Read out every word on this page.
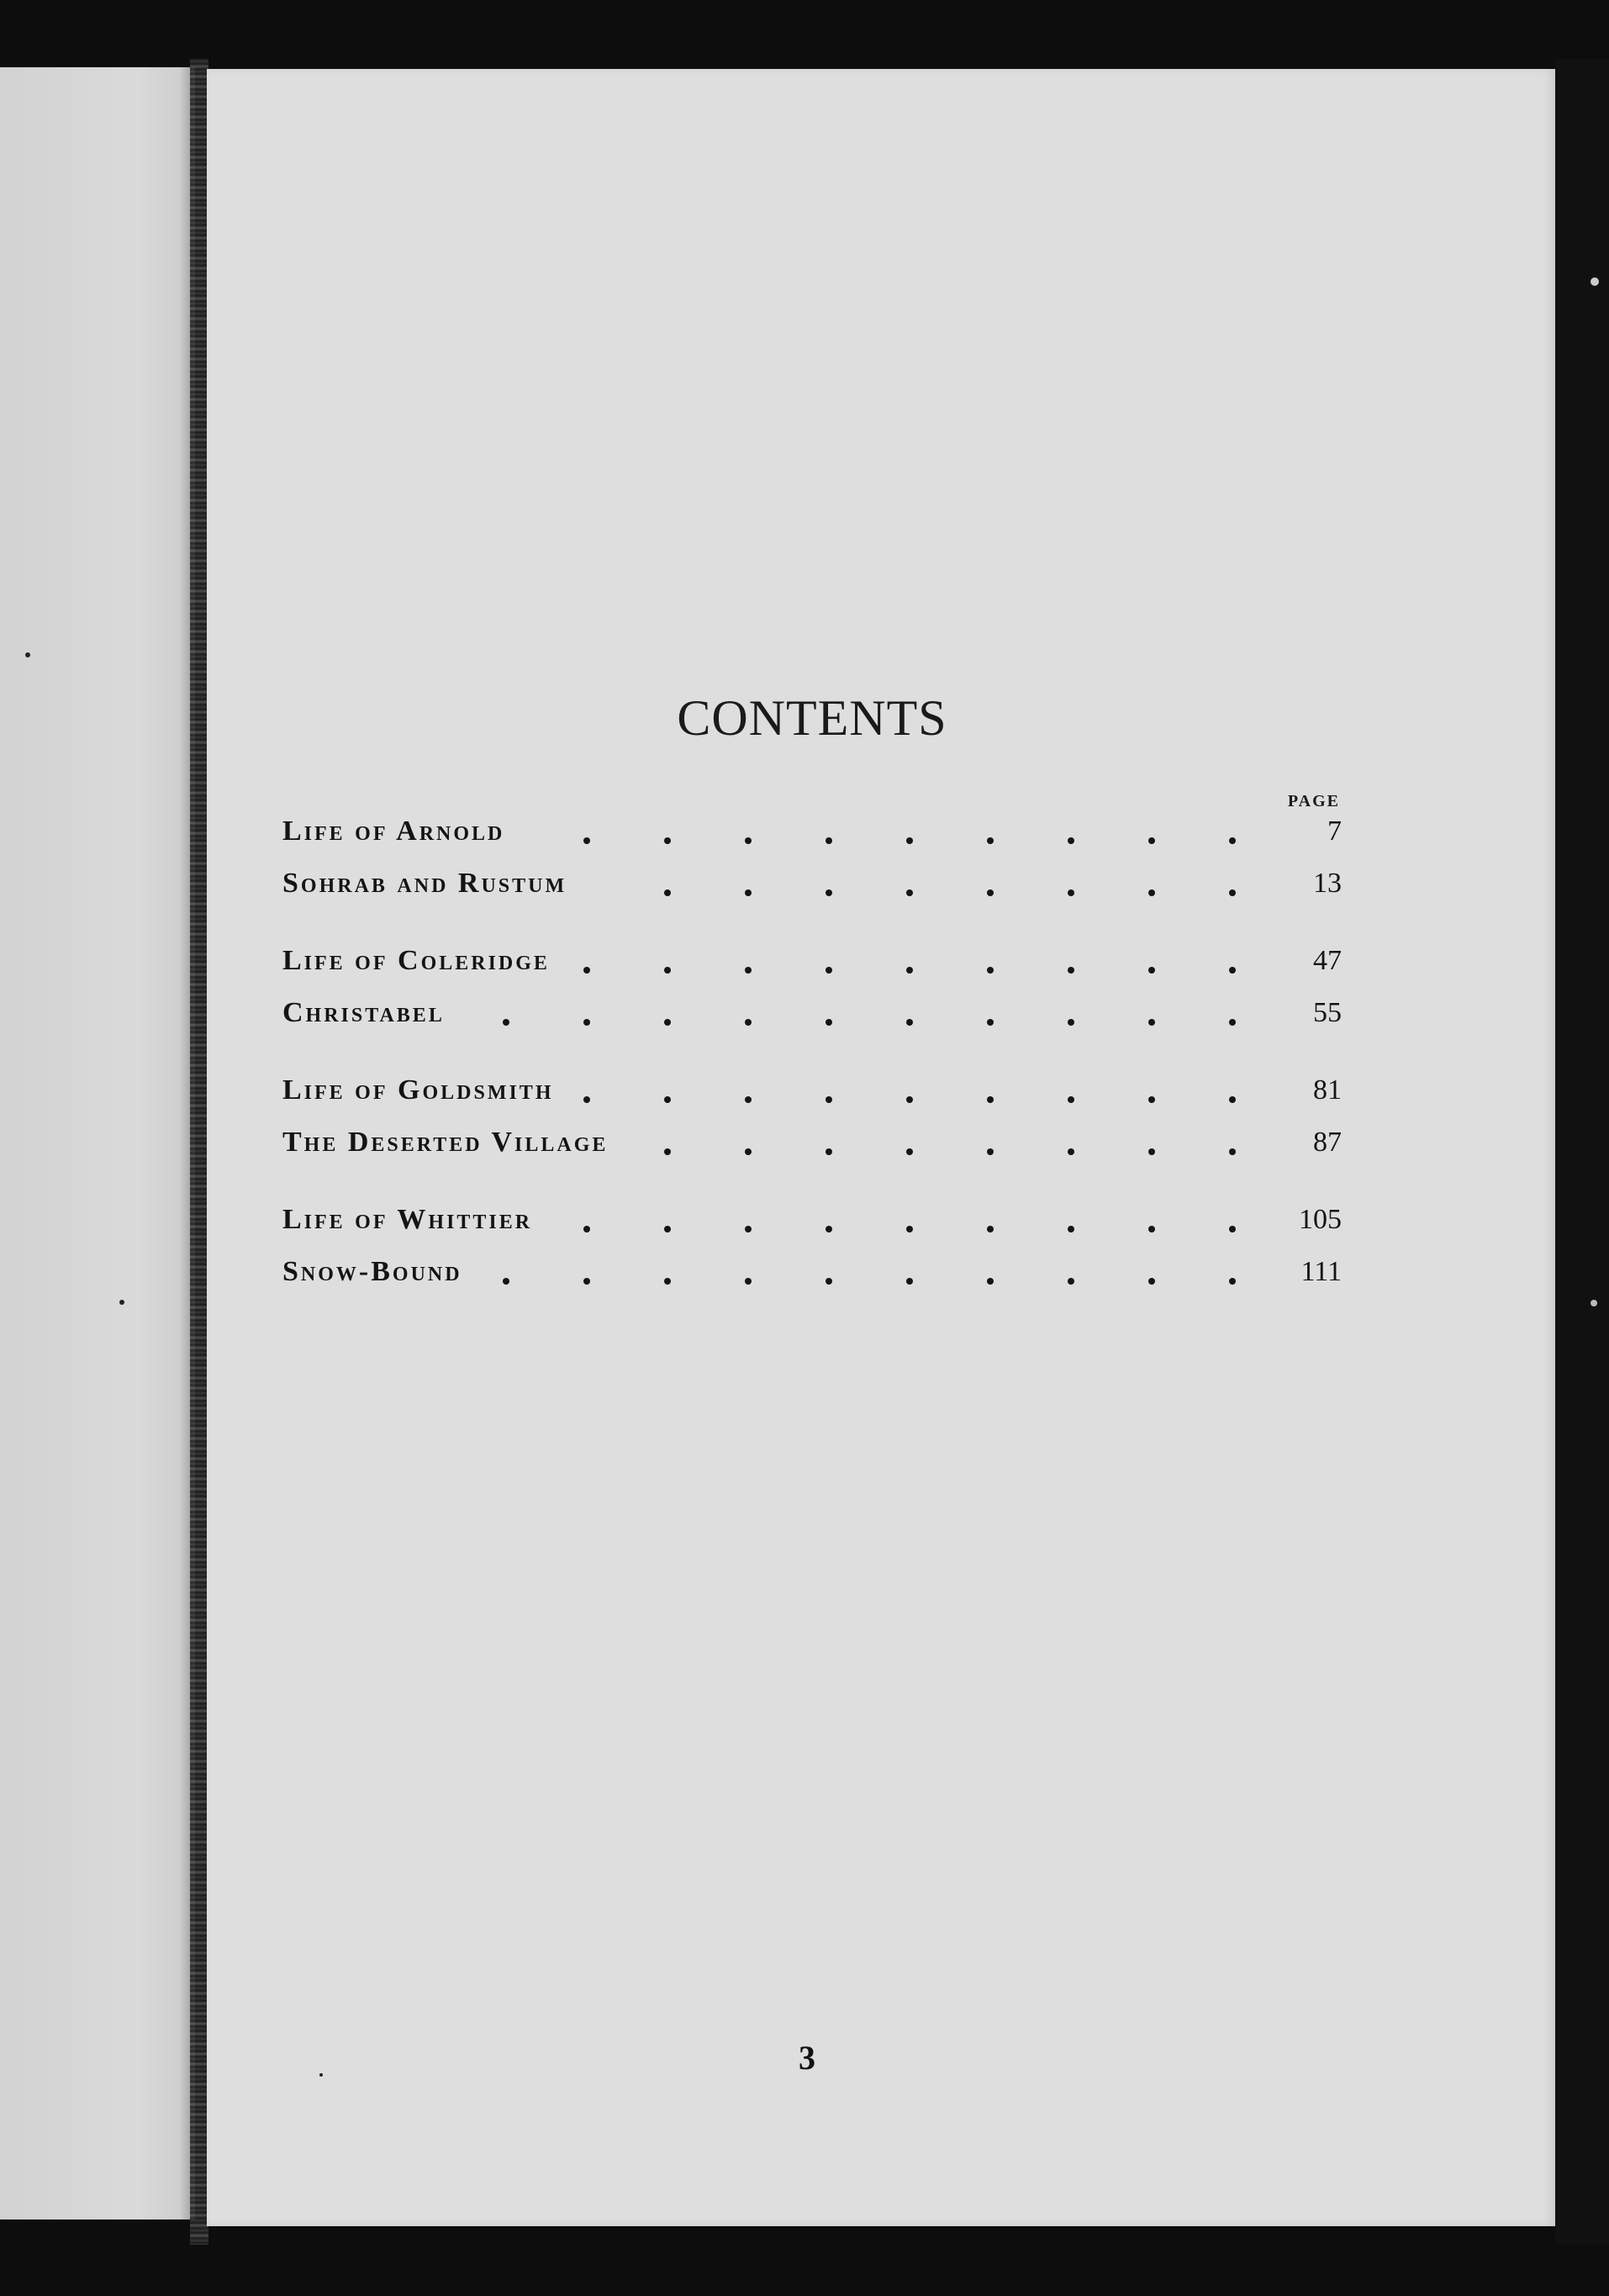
CONTENTS
PAGE
Life of Arnold	7
Sohrab and Rustum	13
Life of Coleridge	47
Christabel	55
Life of Goldsmith	81
The Deserted Village	87
Life of Whittier	105
Snow-Bound	111
3
